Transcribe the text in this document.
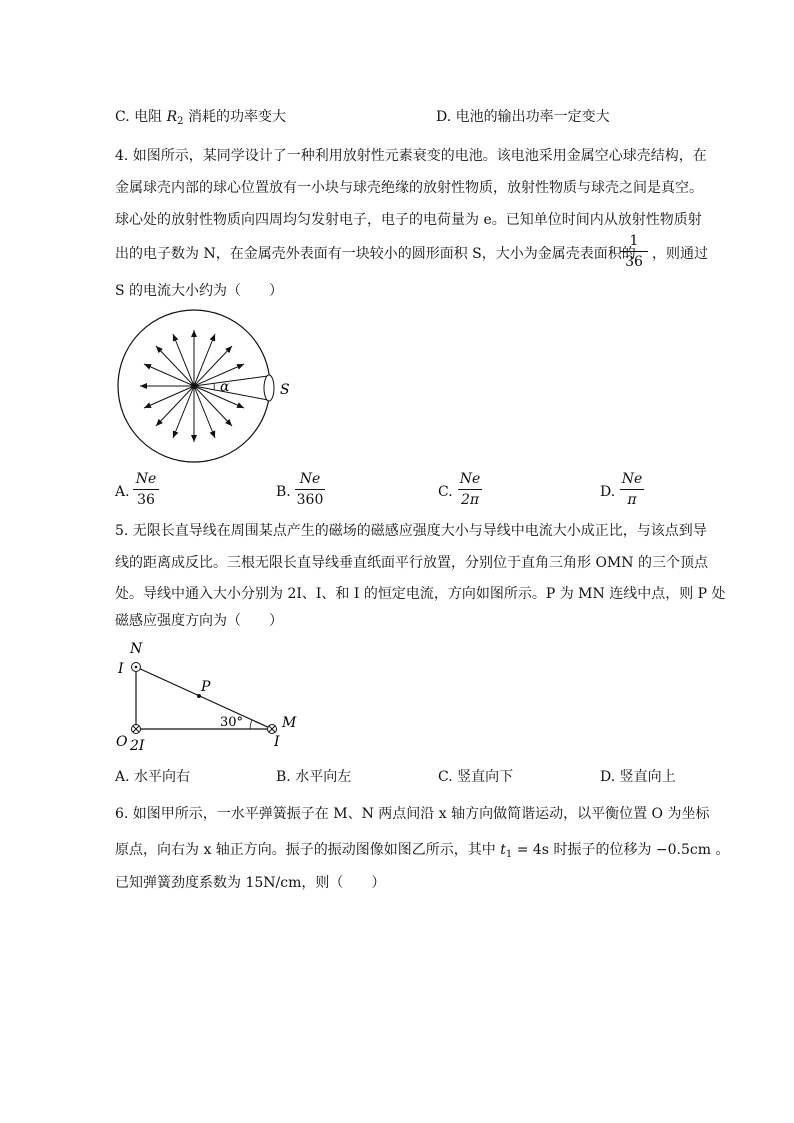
C. 电阻 $R_2$ 消耗的功率变大	D. 电池的输出功率一定变大
4. 如图所示，某同学设计了一种利用放射性元素衰变的电池。该电池采用金属空心球壳结构，在
金属球壳内部的球心位置放有一小块与球壳绝缘的放射性物质，放射性物质与球壳之间是真空。
球心处的放射性物质向四周均匀发射电子，电子的电荷量为 e。已知单位时间内从放射性物质射
出的电子数为 N，在金属壳外表面有一块较小的圆形面积 S，大小为金属壳表面积的
1
36 ，则通过
S 的电流大小约为（　　）
α	S
A.
Ne
36	B.
Ne
360	C.
Ne
2π	D.
Ne
π
5. 无限长直导线在周围某点产生的磁场的磁感应强度大小与导线中电流大小成正比，与该点到导
线的距离成反比。三根无限长直导线垂直纸面平行放置，分别位于直角三角形 OMN 的三个顶点
处。导线中通入大小分别为 2I、I、和 I 的恒定电流，方向如图所示。P 为 MN 连线中点，则 P 处
磁感应强度方向为（　　）
N
I
P
30°	M
I
O 2I
A. 水平向右	B. 水平向左	C. 竖直向下	D. 竖直向上
6. 如图甲所示，一水平弹簧振子在 M、N 两点间沿 x 轴方向做简谐运动，以平衡位置 O 为坐标
原点，向右为 x 轴正方向。振子的振动图像如图乙所示，其中 $t_1 = 4s$ 时振子的位移为 −0.5cm 。
已知弹簧劲度系数为 15N/cm，则（　　）
